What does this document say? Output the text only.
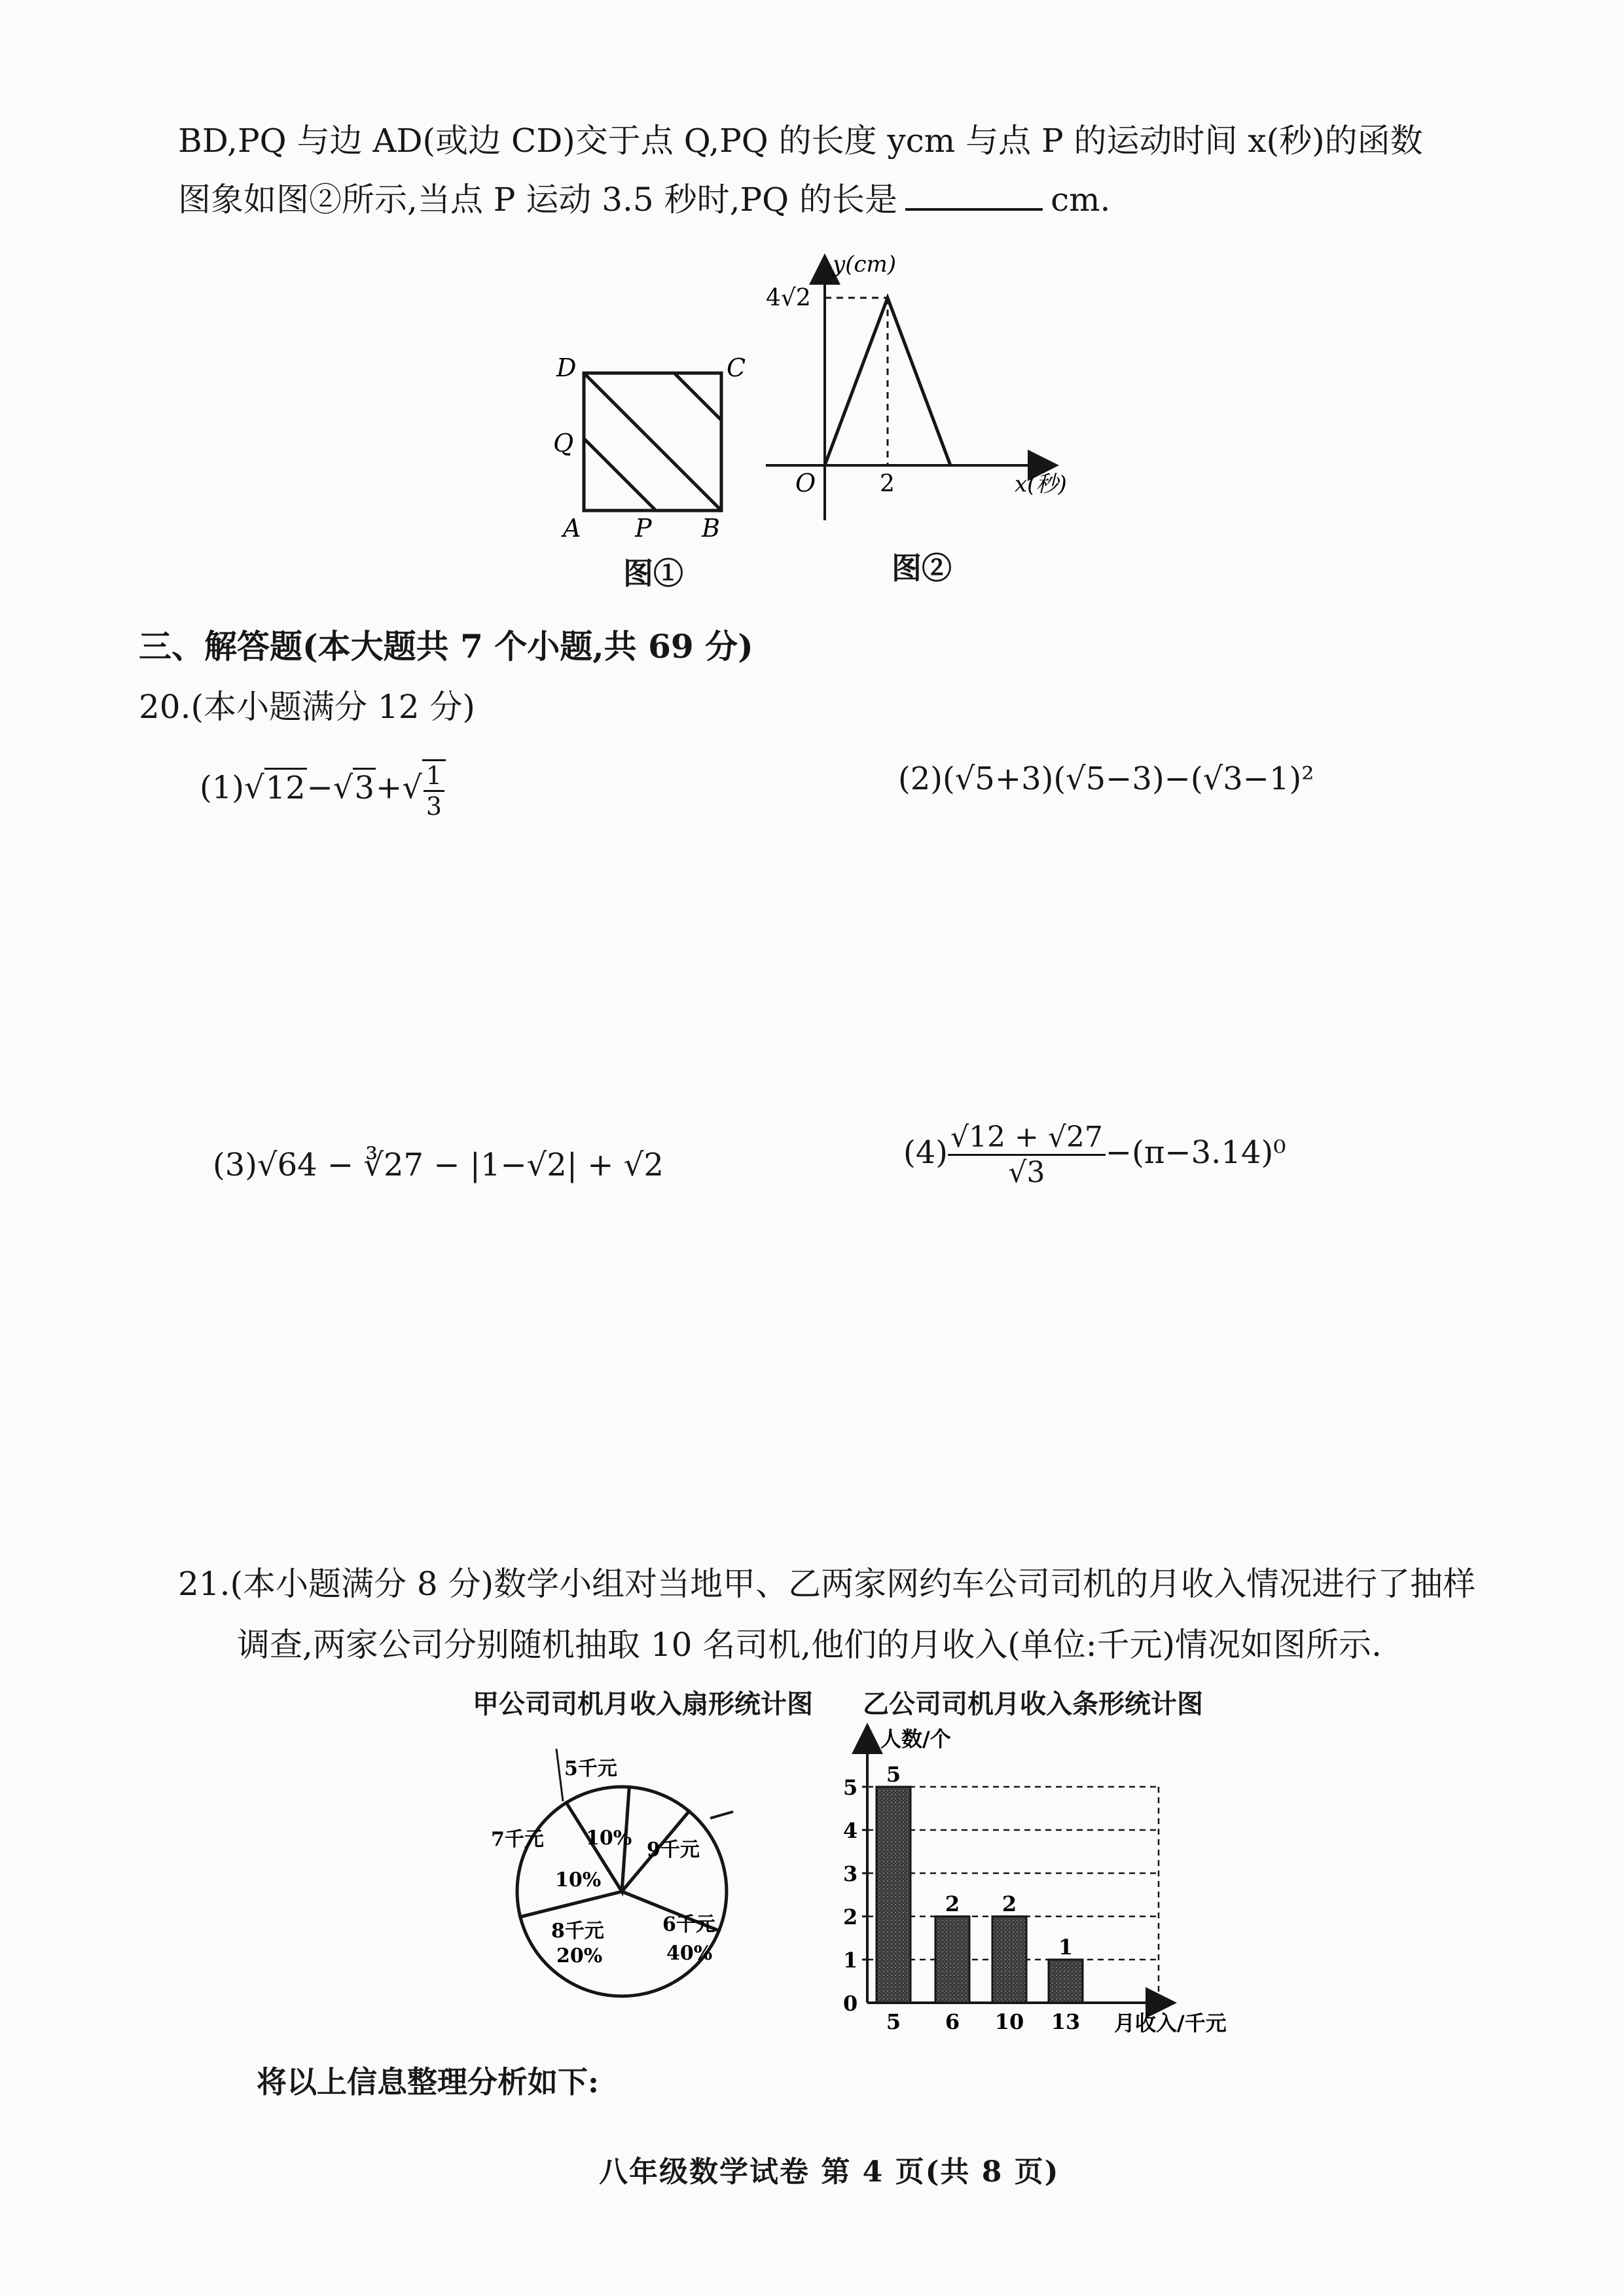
BD,PQ 与边 AD(或边 CD)交于点 Q,PQ 的长度 ycm 与点 P 的运动时间 x(秒)的函数
图象如图②所示,当点 P 运动 3.5 秒时,PQ 的长是	cm.
D	C
Q
A P B
图①
y(cm)
4√2
O	2	x(秒)
图②
三、解答题(本大题共 7 个小题,共 69 分)
20.(本小题满分 12 分)
$(1)√12-√3+√ \frac{1}{3}$	(2)(√5+3)(√5−3)−(√3−1)²
(3)√64 − ∛27 − |1−√2| + √2	$(4) \frac{√12 + √27}{√3} -(\pi-3.14)^0$
21.(本小题满分 8 分)数学小组对当地甲、乙两家网约车公司司机的月收入情况进行了抽样
调查,两家公司分别随机抽取 10 名司机,他们的月收入(单位:千元)情况如图所示.
甲公司司机月收入扇形统计图 乙公司司机月收入条形统计图
5千元
10%
7千元
10%
9千元
8千元
20%
6千元
40%
0
1
2
3
4
5
5
5
2
6
2
10
1
13
人数/个
月收入/千元
将以上信息整理分析如下:
八年级数学试卷 第 4 页(共 8 页)
